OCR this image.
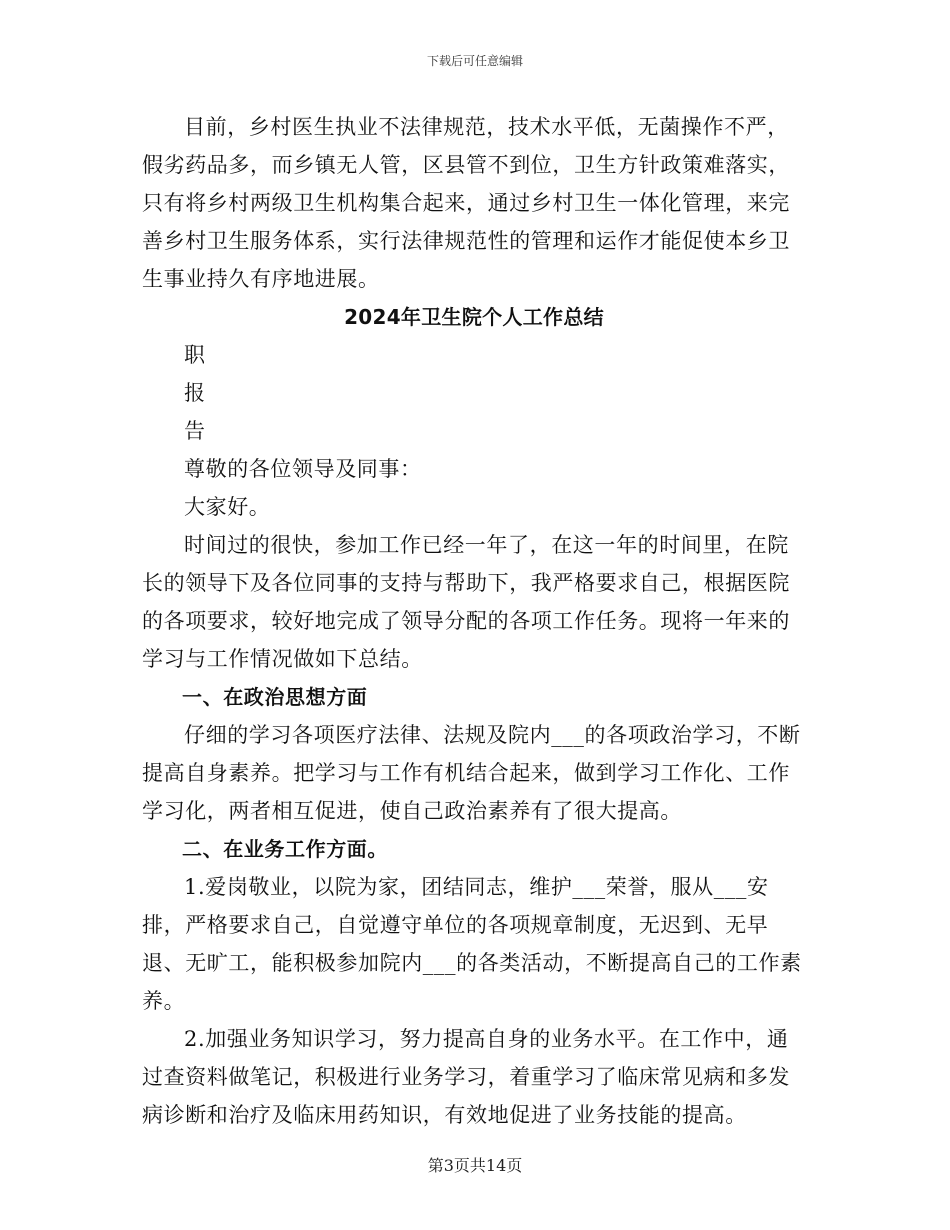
下载后可任意编辑

目前，乡村医生执业不法律规范，技术水平低，无菌操作不严，假劣药品多，而乡镇无人管，区县管不到位，卫生方针政策难落实，只有将乡村两级卫生机构集合起来，通过乡村卫生一体化管理，来完善乡村卫生服务体系，实行法律规范性的管理和运作才能促使本乡卫生事业持久有序地进展。

2024年卫生院个人工作总结

职

报

告

尊敬的各位领导及同事：

大家好。

时间过的很快，参加工作已经一年了，在这一年的时间里，在院长的领导下及各位同事的支持与帮助下，我严格要求自己，根据医院的各项要求，较好地完成了领导分配的各项工作任务。现将一年来的学习与工作情况做如下总结。

一、在政治思想方面

仔细的学习各项医疗法律、法规及院内___的各项政治学习，不断提高自身素养。把学习与工作有机结合起来，做到学习工作化、工作学习化，两者相互促进，使自己政治素养有了很大提高。

二、在业务工作方面。

1.爱岗敬业，以院为家，团结同志，维护___荣誉，服从___安排，严格要求自己，自觉遵守单位的各项规章制度，无迟到、无早退、无旷工，能积极参加院内___的各类活动，不断提高自己的工作素养。

2.加强业务知识学习，努力提高自身的业务水平。在工作中，通过查资料做笔记，积极进行业务学习，着重学习了临床常见病和多发病诊断和治疗及临床用药知识，有效地促进了业务技能的提高。

第3页共14页
